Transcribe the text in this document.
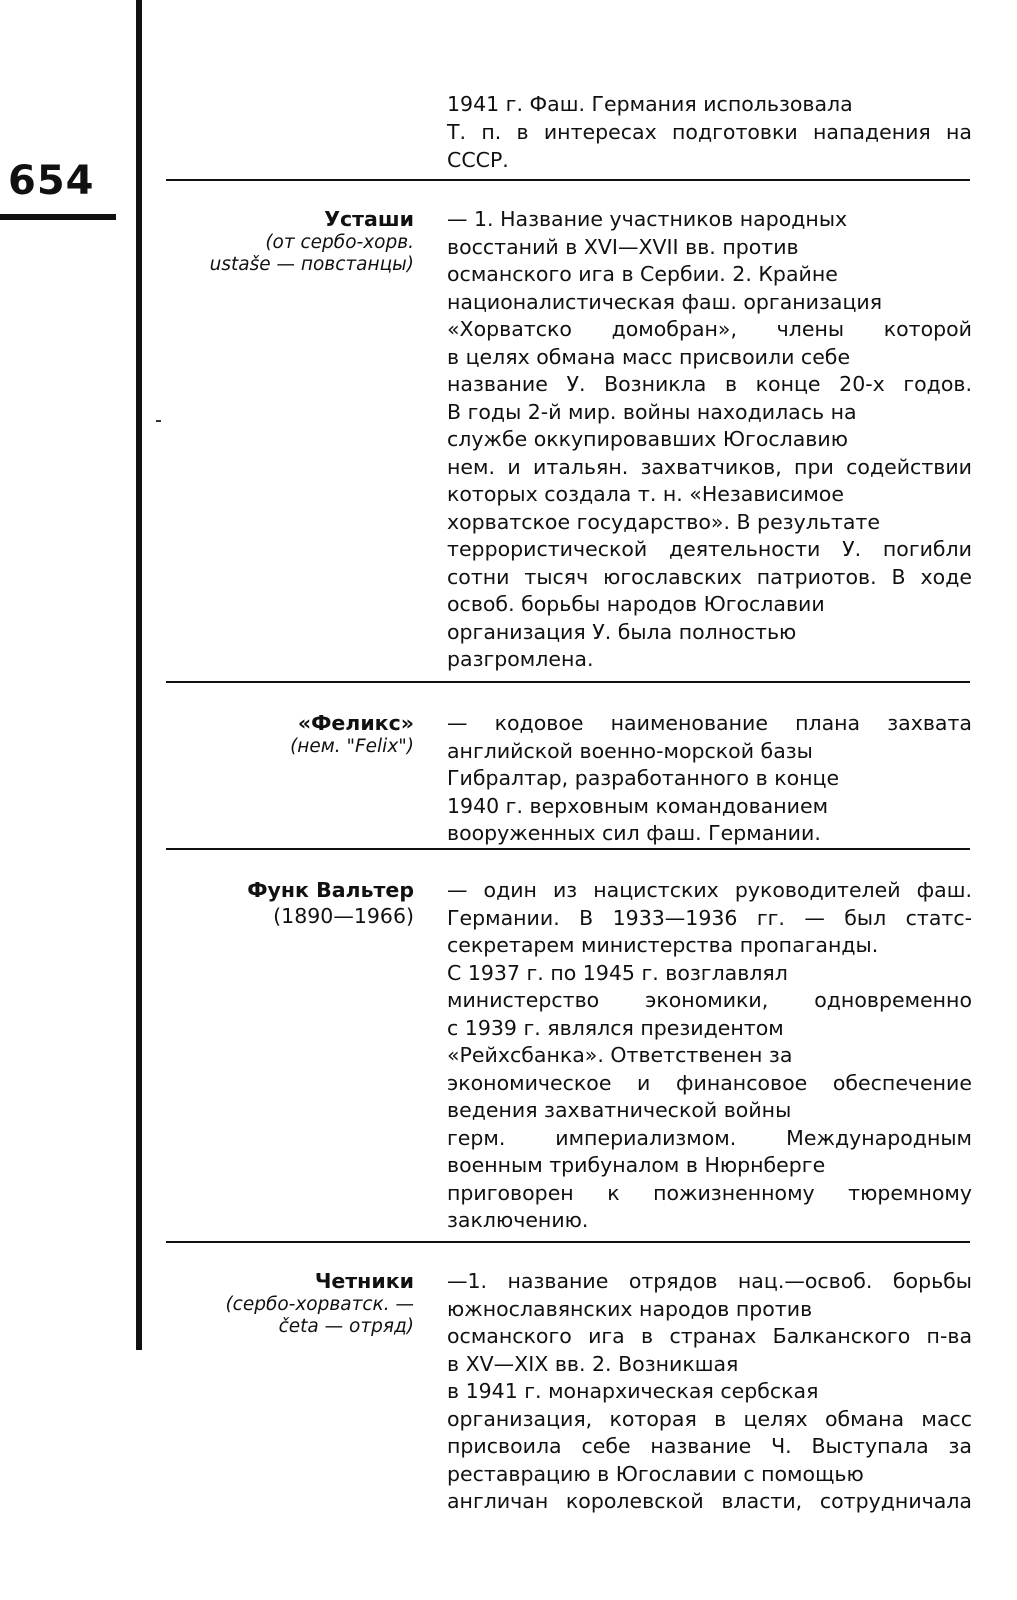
654
1941 г. Фаш. Германия использовала
Т. п. в интересах подготовки нападения на
СССР.
Усташи
(от сербо-хорв.
ustaše — повстанцы)
— 1. Название участников народных
восстаний в XVI—XVII вв. против
османского ига в Сербии. 2. Крайне
националистическая фаш. организация
«Хорватско домобран», члены которой
в целях обмана масс присвоили себе
название У. Возникла в конце 20-х годов.
В годы 2-й мир. войны находилась на
службе оккупировавших Югославию
нем. и итальян. захватчиков, при содействии
которых создала т. н. «Независимое
хорватское государство». В результате
террористической деятельности У. погибли
сотни тысяч югославских патриотов. В ходе
освоб. борьбы народов Югославии
организация У. была полностью
разгромлена.
«Феликс»
(нем. "Felix")
— кодовое наименование плана захвата
английской военно-морской базы
Гибралтар, разработанного в конце
1940 г. верховным командованием
вооруженных сил фаш. Германии.
Функ Вальтер
(1890—1966)
— один из нацистских руководителей фаш.
Германии. В 1933—1936 гг. — был статс-
секретарем министерства пропаганды.
С 1937 г. по 1945 г. возглавлял
министерство экономики, одновременно
с 1939 г. являлся президентом
«Рейхсбанка». Ответственен за
экономическое и финансовое обеспечение
ведения захватнической войны
герм. империализмом. Международным
военным трибуналом в Нюрнберге
приговорен к пожизненному тюремному
заключению.
Четники
(сербо-хорватск. —
četa — отряд)
—1. название отрядов нац.—освоб. борьбы
южнославянских народов против
османского ига в странах Балканского п-ва
в XV—XIX вв. 2. Возникшая
в 1941 г. монархическая сербская
организация, которая в целях обмана масс
присвоила себе название Ч. Выступала за
реставрацию в Югославии с помощью
англичан королевской власти, сотрудничала
